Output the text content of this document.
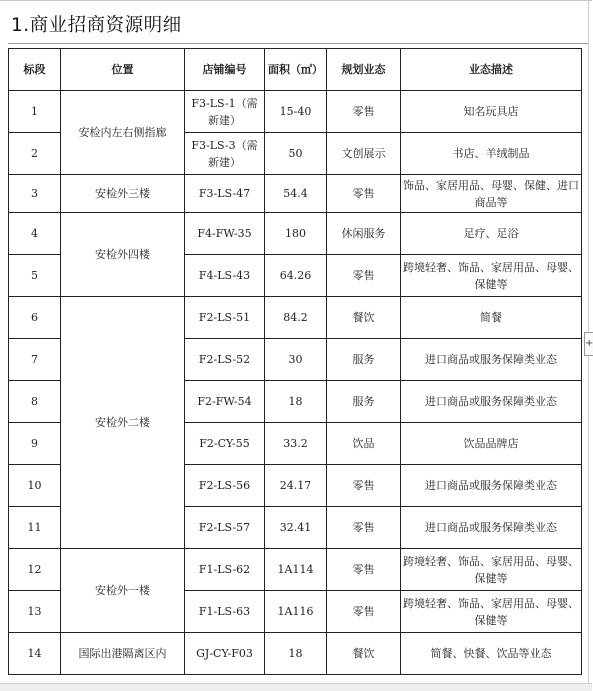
+
1.商业招商资源明细
标段	位置	店铺编号	面积（㎡）	规划业态	业态描述
1	安检内左右侧指廊	F3-LS-1（需新建）	15-40	零售	知名玩具店
2		F3-LS-3（需新建）	50	文创展示	书店、羊绒制品
3	安检外三楼	F3-LS-47	54.4	零售	饰品、家居用品、母婴、保健、进口商品等
4	安检外四楼	F4-FW-35	180	休闲服务	足疗、足浴
5		F4-LS-43	64.26	零售	跨境轻奢、饰品、家居用品、母婴、保健等
6	安检外二楼	F2-LS-51	84.2	餐饮	简餐
7		F2-LS-52	30	服务	进口商品或服务保障类业态
8		F2-FW-54	18	服务	进口商品或服务保障类业态
9		F2-CY-55	33.2	饮品	饮品品牌店
10		F2-LS-56	24.17	零售	进口商品或服务保障类业态
11		F2-LS-57	32.41	零售	进口商品或服务保障类业态
12	安检外一楼	F1-LS-62	1A114	零售	跨境轻奢、饰品、家居用品、母婴、保健等
13		F1-LS-63	1A116	零售	跨境轻奢、饰品、家居用品、母婴、保健等
14	国际出港隔离区内	GJ-CY-F03	18	餐饮	简餐、快餐、饮品等业态
